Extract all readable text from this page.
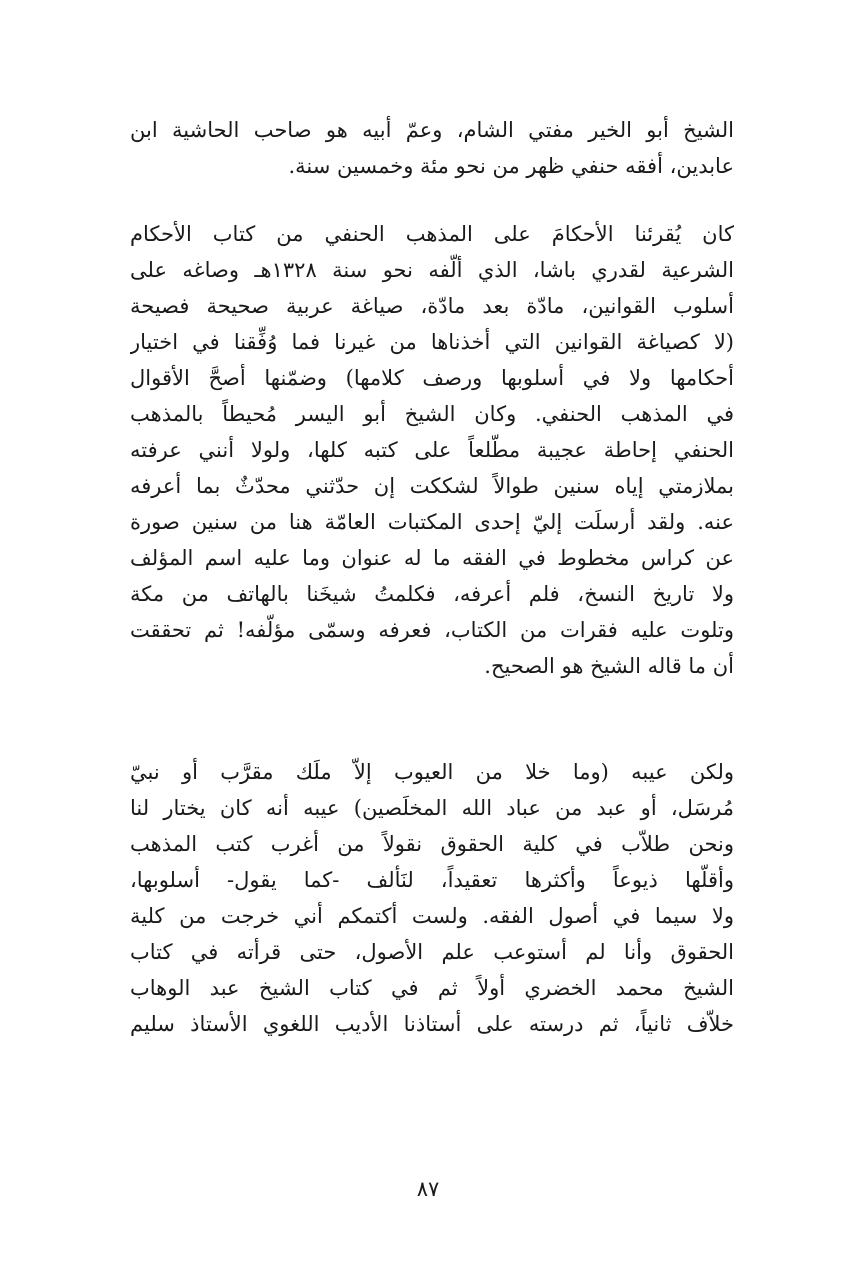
الشيخ أبو الخير مفتي الشام، وعمّ أبيه هو صاحب الحاشية ابن
عابدين، أفقه حنفي ظهر من نحو مئة وخمسين سنة.
كان يُقرئنا الأحكامَ على المذهب الحنفي من كتاب الأحكام
الشرعية لقدري باشا، الذي ألّفه نحو سنة ١٣٢٨هـ وصاغه على
أسلوب القوانين، مادّة بعد مادّة، صياغة عربية صحيحة فصيحة
(لا كصياغة القوانين التي أخذناها من غيرنا فما وُفِّقنا في اختيار
أحكامها ولا في أسلوبها ورصف كلامها) وضمّنها أصحَّ الأقوال
في المذهب الحنفي. وكان الشيخ أبو اليسر مُحيطاً بالمذهب
الحنفي إحاطة عجيبة مطّلعاً على كتبه كلها، ولولا أنني عرفته
بملازمتي إياه سنين طوالاً لشككت إن حدّثني محدّثٌ بما أعرفه
عنه. ولقد أرسلَت إليّ إحدى المكتبات العامّة هنا من سنين صورة
عن كراس مخطوط في الفقه ما له عنوان وما عليه اسم المؤلف
ولا تاريخ النسخ، فلم أعرفه، فكلمتُ شيخَنا بالهاتف من مكة
وتلوت عليه فقرات من الكتاب، فعرفه وسمّى مؤلّفه! ثم تحققت
أن ما قاله الشيخ هو الصحيح.
ولكن عيبه (وما خلا من العيوب إلاّ ملَك مقرَّب أو نبيّ
مُرسَل، أو عبد من عباد الله المخلَصين) عيبه أنه كان يختار لنا
ونحن طلاّب في كلية الحقوق نقولاً من أغرب كتب المذهب
وأقلّها ذيوعاً وأكثرها تعقيداً، لنَألف -كما يقول- أسلوبها،
ولا سيما في أصول الفقه. ولست أكتمكم أني خرجت من كلية
الحقوق وأنا لم أستوعب علم الأصول، حتى قرأته في كتاب
الشيخ محمد الخضري أولاً ثم في كتاب الشيخ عبد الوهاب
خلاّف ثانياً، ثم درسته على أستاذنا الأديب اللغوي الأستاذ سليم
٨٧
